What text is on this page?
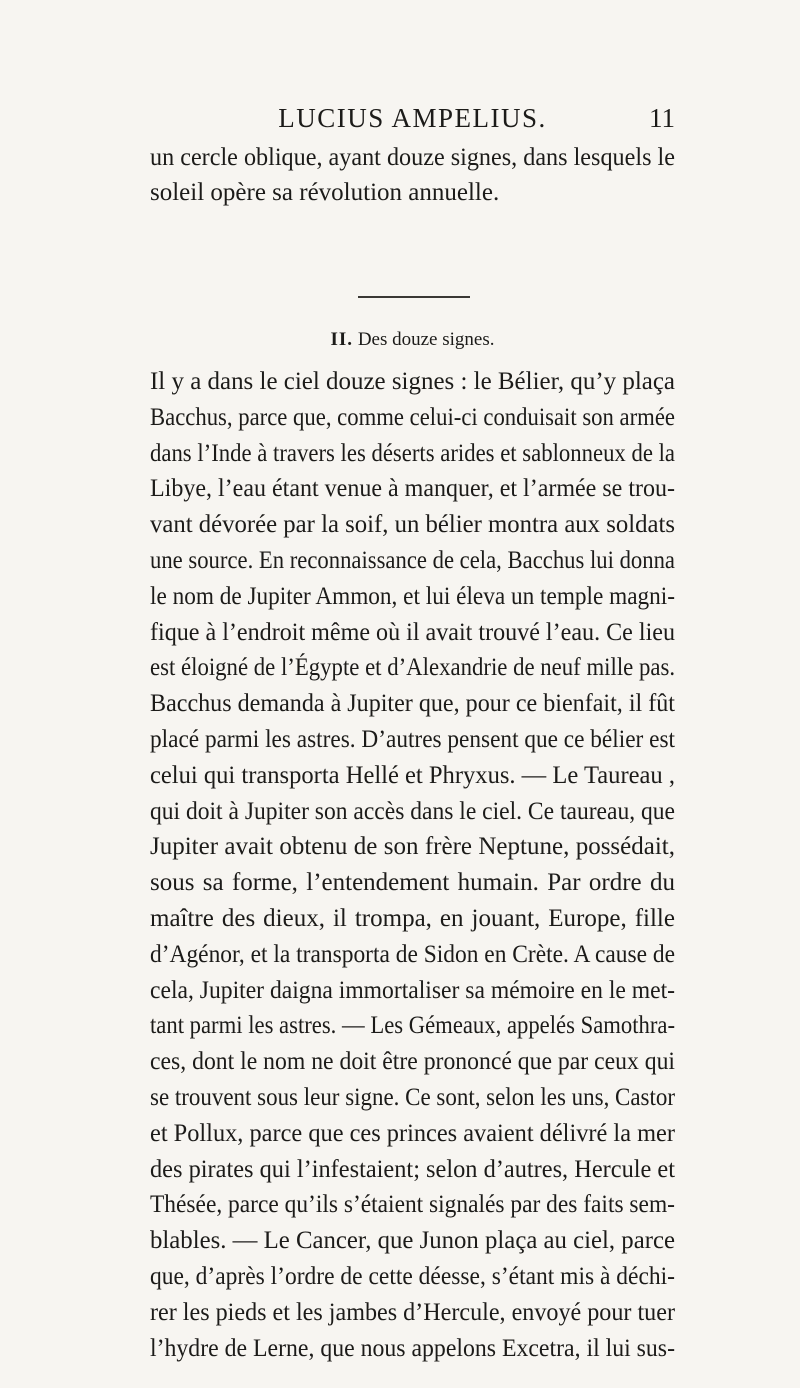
LUCIUS AMPELIUS.	11
un cercle oblique, ayant douze signes, dans lesquels le
soleil opère sa révolution annuelle.
II. Des douze signes.
Il y a dans le ciel douze signes : le Bélier, qu’y plaça
Bacchus, parce que, comme celui-ci conduisait son armée
dans l’Inde à travers les déserts arides et sablonneux de la
Libye, l’eau étant venue à manquer, et l’armée se trou-
vant dévorée par la soif, un bélier montra aux soldats
une source. En reconnaissance de cela, Bacchus lui donna
le nom de Jupiter Ammon, et lui éleva un temple magni-
fique à l’endroit même où il avait trouvé l’eau. Ce lieu
est éloigné de l’Égypte et d’Alexandrie de neuf mille pas.
Bacchus demanda à Jupiter que, pour ce bienfait, il fût
placé parmi les astres. D’autres pensent que ce bélier est
celui qui transporta Hellé et Phryxus. — Le Taureau ,
qui doit à Jupiter son accès dans le ciel. Ce taureau, que
Jupiter avait obtenu de son frère Neptune, possédait,
sous sa forme, l’entendement humain. Par ordre du
maître des dieux, il trompa, en jouant, Europe, fille
d’Agénor, et la transporta de Sidon en Crète. A cause de
cela, Jupiter daigna immortaliser sa mémoire en le met-
tant parmi les astres. — Les Gémeaux, appelés Samothra-
ces, dont le nom ne doit être prononcé que par ceux qui
se trouvent sous leur signe. Ce sont, selon les uns, Castor
et Pollux, parce que ces princes avaient délivré la mer
des pirates qui l’infestaient; selon d’autres, Hercule et
Thésée, parce qu’ils s’étaient signalés par des faits sem-
blables. — Le Cancer, que Junon plaça au ciel, parce
que, d’après l’ordre de cette déesse, s’étant mis à déchi-
rer les pieds et les jambes d’Hercule, envoyé pour tuer
l’hydre de Lerne, que nous appelons Excetra, il lui sus-
